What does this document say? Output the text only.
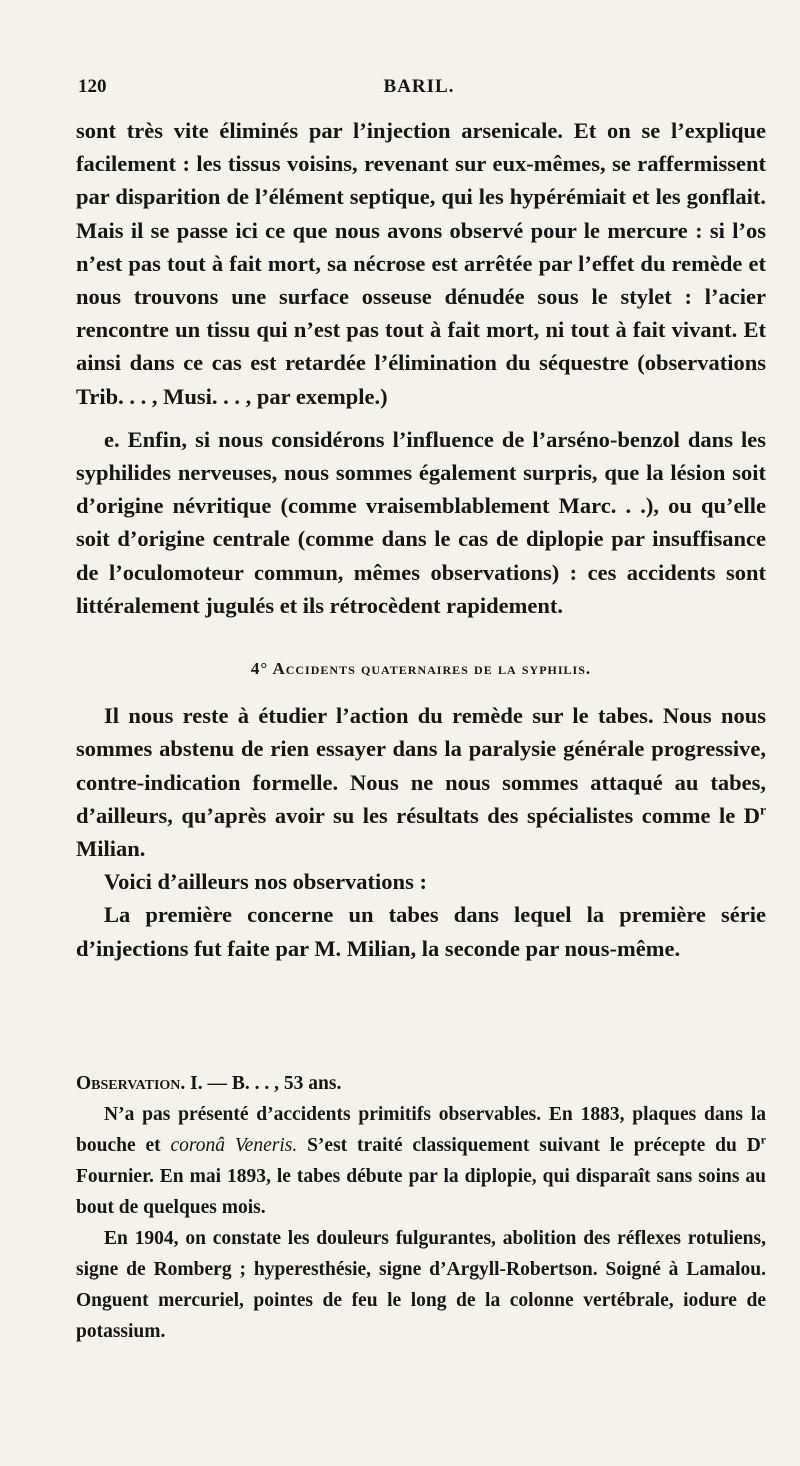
120	BARIL.

sont très vite éliminés par l’injection arsenicale. Et on se l’explique facilement : les tissus voisins, revenant sur eux-mêmes, se raffermissent par disparition de l’élément septique, qui les hypérémiait et les gonflait. Mais il se passe ici ce que nous avons observé pour le mercure : si l’os n’est pas tout à fait mort, sa nécrose est arrêtée par l’effet du remède et nous trouvons une surface osseuse dénudée sous le stylet : l’acier rencontre un tissu qui n’est pas tout à fait mort, ni tout à fait vivant. Et ainsi dans ce cas est retardée l’élimination du séquestre (observations Trib. . . , Musi. . . , par exemple.)

e. Enfin, si nous considérons l’influence de l’arséno-benzol dans les syphilides nerveuses, nous sommes également surpris, que la lésion soit d’origine névritique (comme vraisemblablement Marc. . .), ou qu’elle soit d’origine centrale (comme dans le cas de diplopie par insuffisance de l’oculomoteur commun, mêmes observations) : ces accidents sont littéralement jugulés et ils rétrocèdent rapidement.

4° Accidents quaternaires de la syphilis.

Il nous reste à étudier l’action du remède sur le tabes. Nous nous sommes abstenu de rien essayer dans la paralysie générale progressive, contre-indication formelle. Nous ne nous sommes attaqué au tabes, d’ailleurs, qu’après avoir su les résultats des spécialistes comme le $D^r$ Milian.

Voici d’ailleurs nos observations :

La première concerne un tabes dans lequel la première série d’injections fut faite par M. Milian, la seconde par nous-même.

Observation. I. — B. . . , 53 ans.

N’a pas présenté d’accidents primitifs observables. En 1883, plaques dans la bouche et coronâ Veneris. S’est traité classiquement suivant le précepte du $D^r$ Fournier. En mai 1893, le tabes débute par la diplopie, qui disparaît sans soins au bout de quelques mois.

En 1904, on constate les douleurs fulgurantes, abolition des réflexes rotuliens, signe de Romberg ; hyperesthésie, signe d’Argyll-Robertson. Soigné à Lamalou. Onguent mercuriel, pointes de feu le long de la colonne vertébrale, iodure de potassium.
